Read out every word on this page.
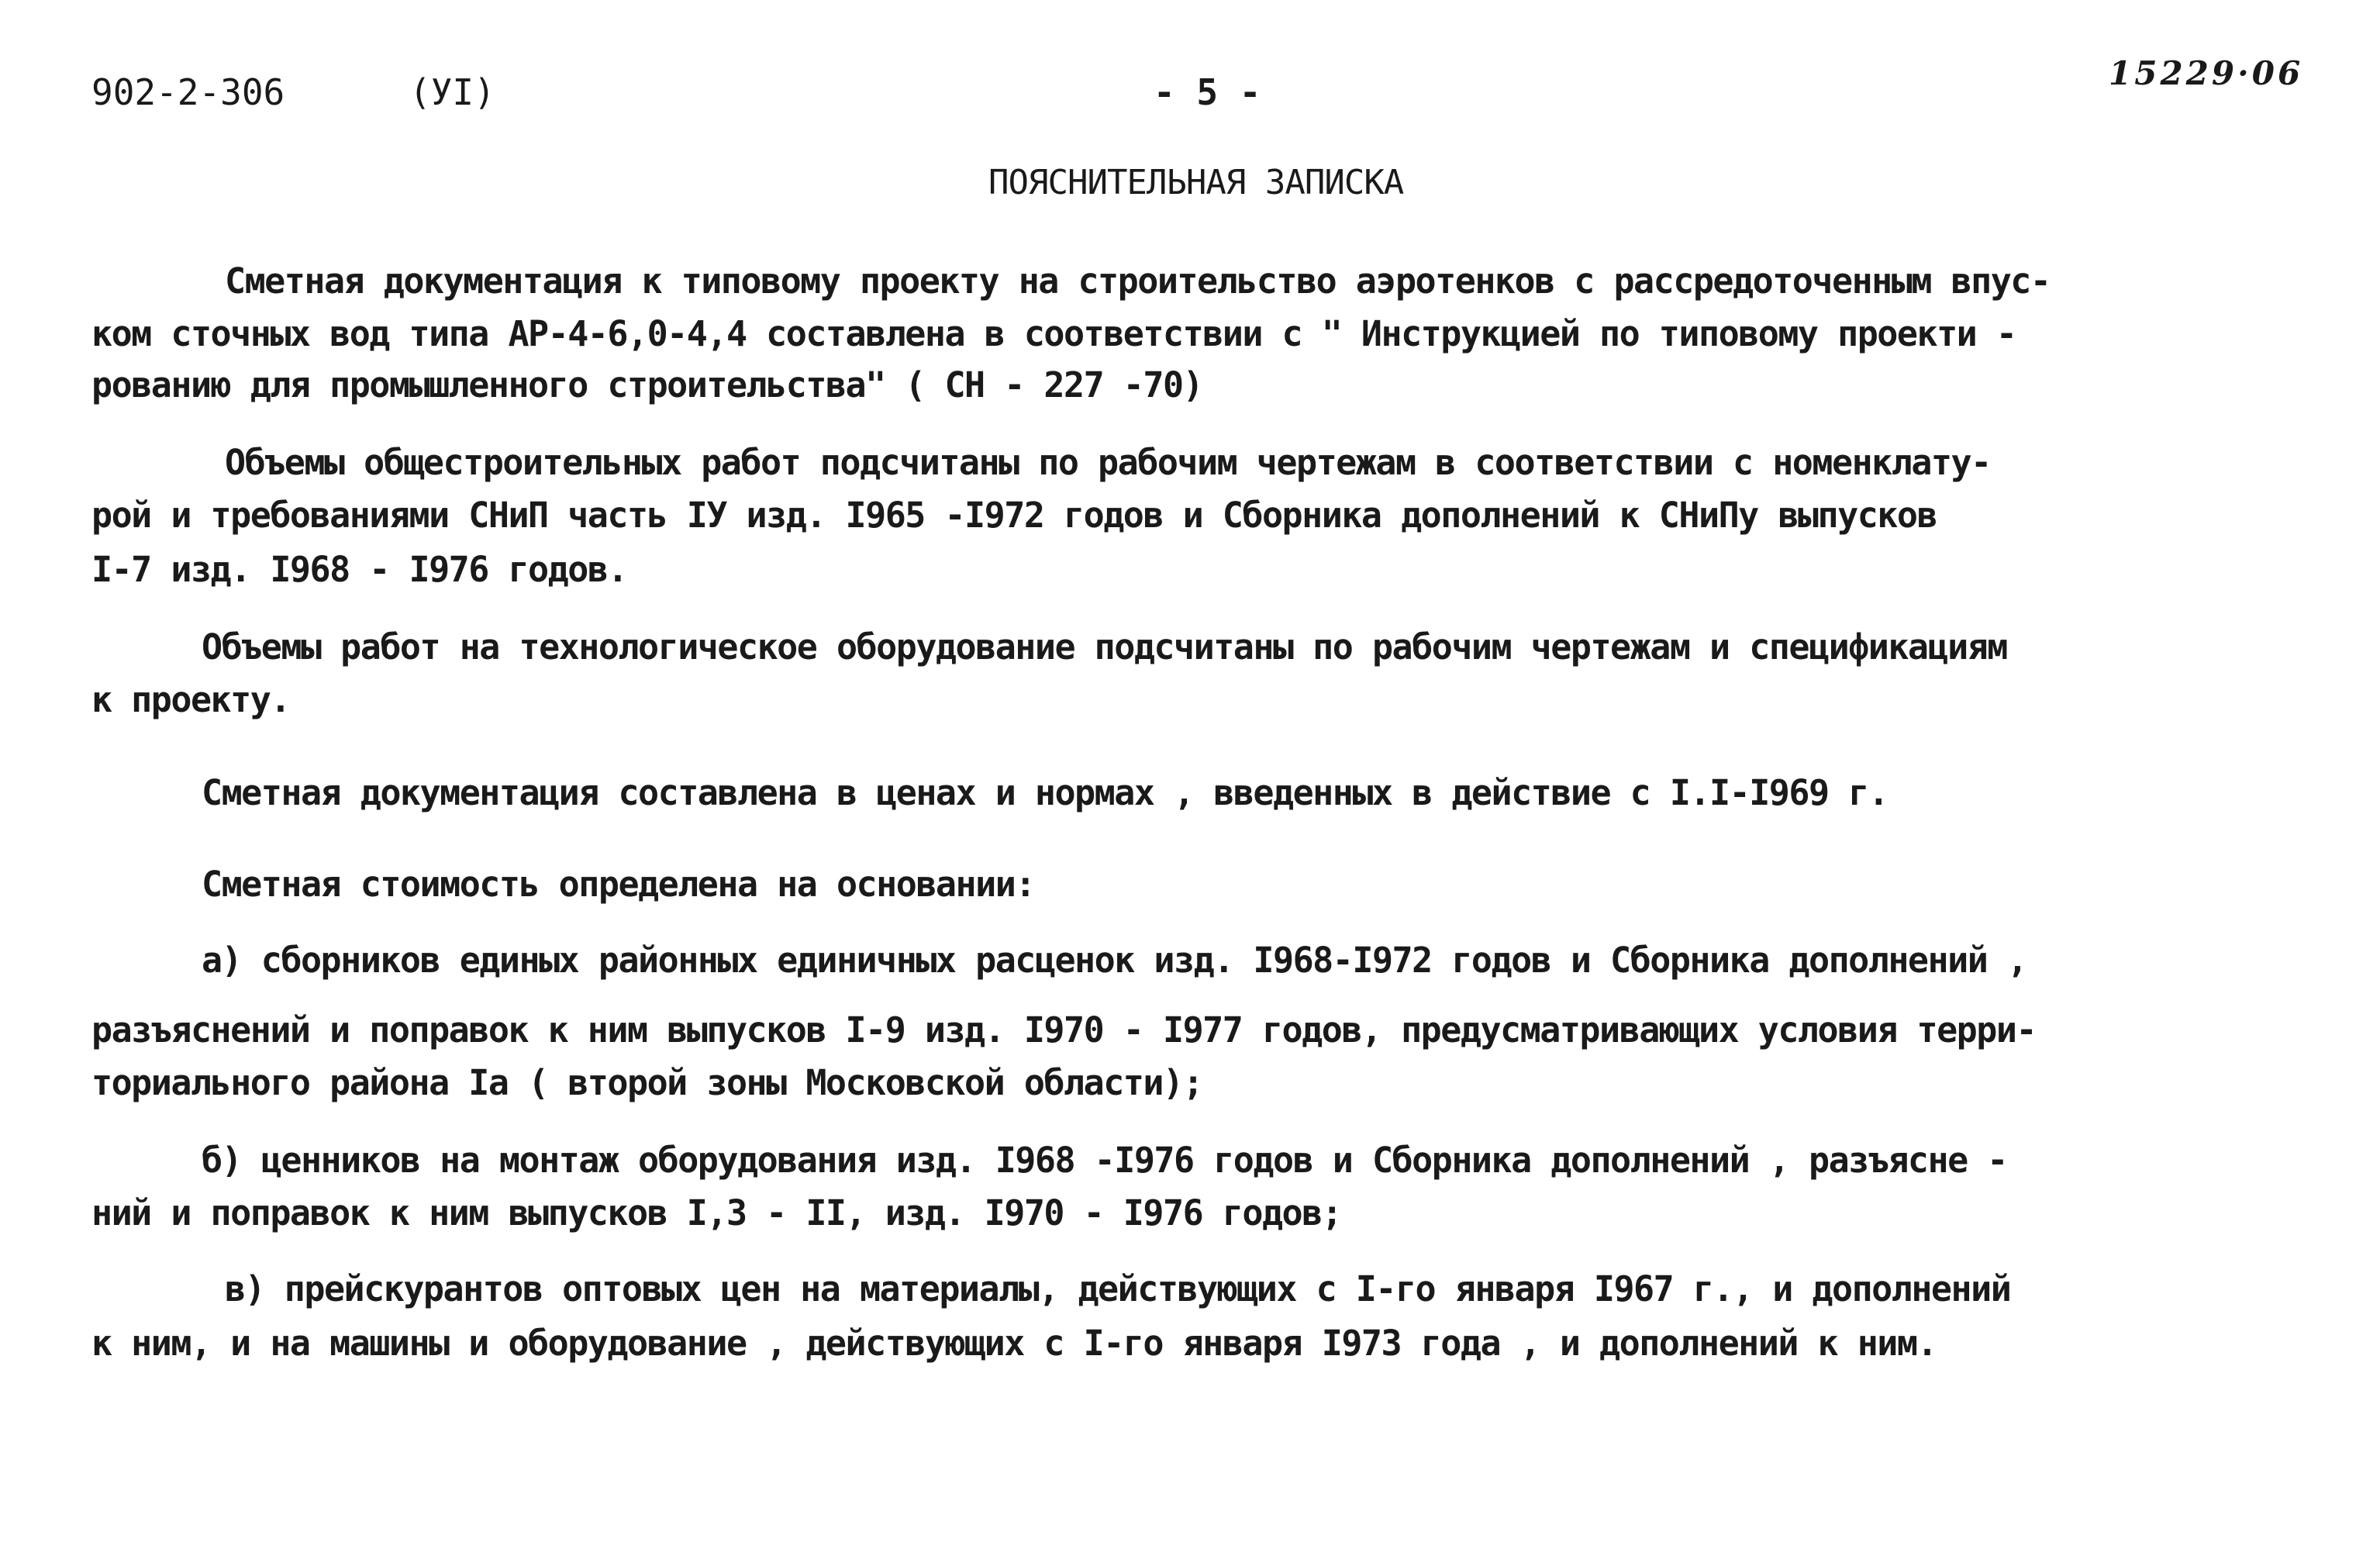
902-2-306	(УI)	- 5 -	15229·06
ПОЯСНИТЕЛЬНАЯ ЗАПИСКА
Сметная документация к типовому проекту на строительство аэротенков с рассредоточенным впус-
ком сточных вод типа АР-4-6,0-4,4 составлена в соответствии с " Инструкцией по типовому проекти -
рованию для промышленного строительства" ( СН - 227 -70)
Объемы общестроительных работ подсчитаны по рабочим чертежам в соответствии с номенклату-
рой и требованиями СНиП часть IУ изд. I965 -I972 годов и Сборника дополнений к СНиПу выпусков
I-7 изд. I968 - I976 годов.
Объемы работ на технологическое оборудование подсчитаны по рабочим чертежам и спецификациям
к проекту.
Сметная документация составлена в ценах и нормах , введенных в действие с I.I-I969 г.
Сметная стоимость определена на основании:
а) сборников единых районных единичных расценок изд. I968-I972 годов и Сборника дополнений ,
разъяснений и поправок к ним выпусков I-9 изд. I970 - I977 годов, предусматривающих условия терри-
ториального района Iа ( второй зоны Московской области);
б) ценников на монтаж оборудования изд. I968 -I976 годов и Сборника дополнений , разъясне -
ний и поправок к ним выпусков I,3 - II, изд. I970 - I976 годов;
в) прейскурантов оптовых цен на материалы, действующих с I-го января I967 г., и дополнений
к ним, и на машины и оборудование , действующих с I-го января I973 года , и дополнений к ним.
